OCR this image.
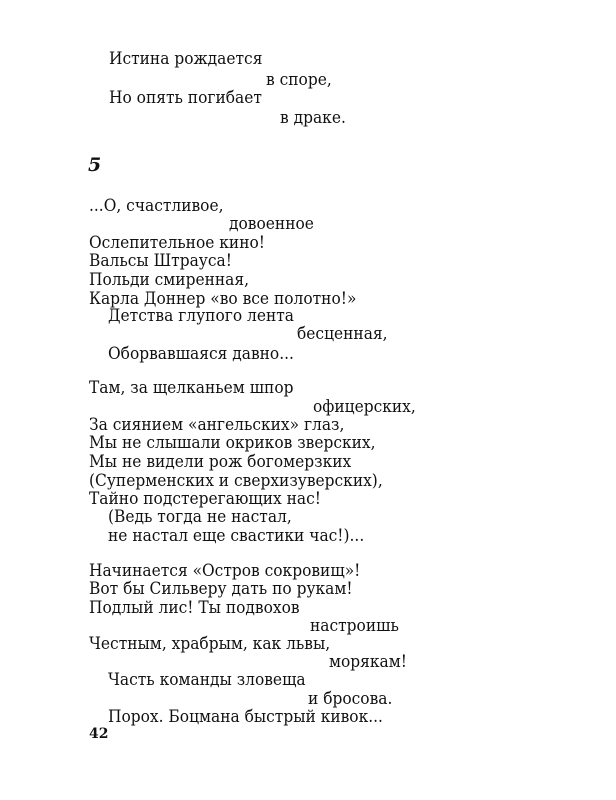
Истина рождается
в споре,
Но опять погибает
в драке.
5
...О, счастливое,
довоенное
Ослепительное кино!
Вальсы Штрауса!
Польди смиренная,
Карла Доннер «во все полотно!»
Детства глупого лента
бесценная,
Оборвавшаяся давно...
Там, за щелканьем шпор
офицерских,
За сиянием «ангельских» глаз,
Мы не слышали окриков зверских,
Мы не видели рож богомерзких
(Суперменских и сверхизуверских),
Тайно подстерегающих нас!
(Ведь тогда не настал,
не настал еще свастики час!)...
Начинается «Остров сокровищ»!
Вот бы Сильверу дать по рукам!
Подлый лис! Ты подвохов
настроишь
Честным, храбрым, как львы,
морякам!
Часть команды зловеща
и бросова.
Порох. Боцмана быстрый кивок...
42
